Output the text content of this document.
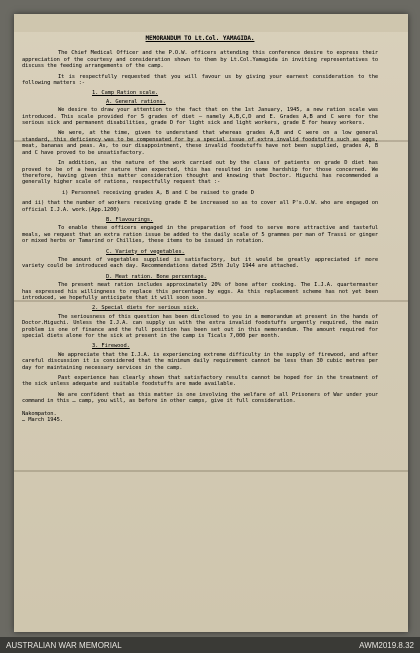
MEMORANDUM TO Lt.Col. YAMAGIDA.

The Chief Medical Officer and the P.O.W. officers attending this conference desire to express their appreciation of the courtesy and consideration shown to them by Lt.Col.Yamagida in inviting representatives to discuss the feeding arrangements of the camp.

It is respectfully requested that you will favour us by giving your earnest consideration to the following matters :-

1. Camp Ration scale.
A. General rations.

We desire to draw your attention to the fact that on the 1st January, 1945, a new ration scale was introduced. This scale provided for 5 grades of diet – namely A,B,C,D and E. Grades A,B and C were for the serious sick and permanent disabilities, grade D for light sick and light workers, grade E for heavy workers.

We were, at the time, given to understand that whereas grades A,B and C were on a low general standard, this deficiency was to be compensated for by a special issue of extra invalid foodstuffs such as eggs, meat, bananas and peas. As, to our disappointment, these invalid foodstuffs have not been supplied, grades A, B and C have proved to be unsatisfactory.

In addition, as the nature of the work carried out by the class of patients on grade D diet has proved to be of a heavier nature than expected, this has resulted in some hardship for those concerned. We therefore, having given this matter consideration thought and knowing that Doctor. Higuchi has recommended a generally higher scale of rations, respectfully request that :-

i) Personnel receiving grades A, B and C be raised to grade D

and ii) that the number of workers receiving grade E be increased so as to cover all P's.O.W. who are engaged on official I.J.A. work.(App.1200)

B. Flavourings.

To enable these officers engaged in the preparation of food to serve more attractive and tasteful meals, we request that an extra ration issue be added to the daily scale of 5 grammes per man of Trassi or ginger or mixed herbs or Tamarind or Chillies, these items to be issued in rotation.

C. Variety of vegetables.

The amount of vegetables supplied is satisfactory, but it would be greatly appreciated if more variety could be introduced each day. Recommendations dated 25th July 1944 are attached.

D. Meat ration. Bone percentage.

The present meat ration includes approximately 20% of bone after cooking. The I.J.A. quartermaster has expressed his willingness to replace this percentage by eggs. As this replacement scheme has not yet been introduced, we hopefully anticipate that it will soon soon.

2. Special diets for serious sick.

The seriousness of this question has been disclosed to you in a memorandum at present in the hands of Doctor.Higuchi. Unless the I.J.A. can supply us with the extra invalid foodstuffs urgently required, the main problem is one of finance and the full position has been set out in this memorandum. The amount required for special diets alone for the sick at present in the camp is Ticals 7,000 per month.

3. Firewood.

We appreciate that the I.J.A. is experiencing extreme difficulty in the supply of firewood, and after careful discussion it is considered that the minimum daily requirement cannot be less than 30 cubic metres per day for maintaining necessary services in the camp.

Past experience has clearly shown that satisfactory results cannot be hoped for in the treatment of the sick unless adequate and suitable foodstuffs are made available.

We are confident that as this matter is one involving the welfare of all Prisoners of War under your command in this … camp, you will, as before in other camps, give it full consideration.

Nakompaton.
… March 1945.
AUSTRALIAN WAR MEMORIAL	AWM2019.8.32
